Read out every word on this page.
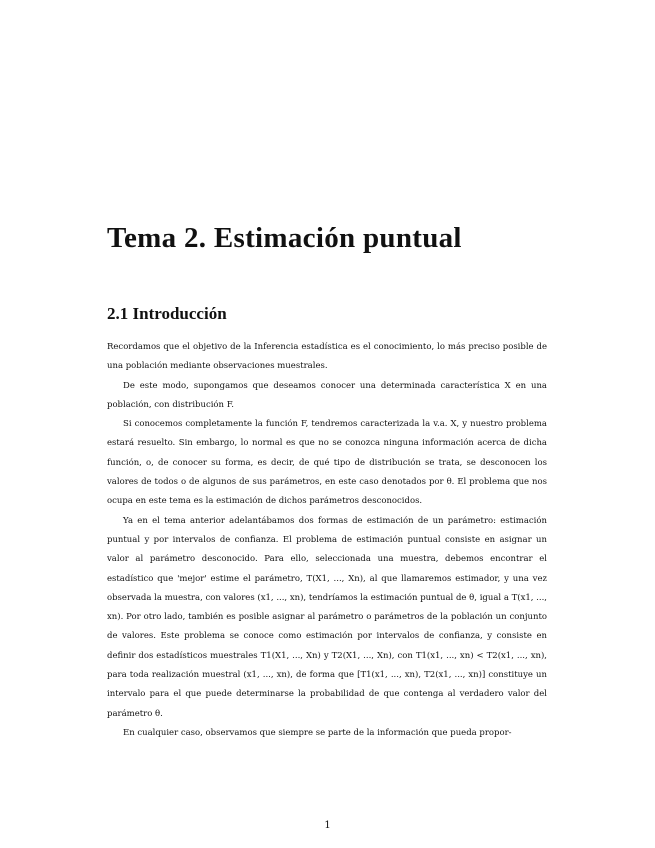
Tema 2. Estimación puntual
2.1 Introducción

Recordamos que el objetivo de la Inferencia estadística es el conocimiento, lo más preciso posible de una población mediante observaciones muestrales.

De este modo, supongamos que deseamos conocer una determinada característica X en una población, con distribución F.

Si conocemos completamente la función F, tendremos caracterizada la v.a. X, y nuestro problema estará resuelto. Sin embargo, lo normal es que no se conozca ninguna información acerca de dicha función, o, de conocer su forma, es decir, de qué tipo de distribución se trata, se desconocen los valores de todos o de algunos de sus parámetros, en este caso denotados por θ. El problema que nos ocupa en este tema es la estimación de dichos parámetros desconocidos.

Ya en el tema anterior adelantábamos dos formas de estimación de un parámetro: estimación puntual y por intervalos de confianza. El problema de estimación puntual consiste en asignar un valor al parámetro desconocido. Para ello, seleccionada una muestra, debemos encontrar el estadístico que 'mejor' estime el parámetro, T(X1, ..., Xn), al que llamaremos estimador, y una vez observada la muestra, con valores (x1, ..., xn), tendríamos la estimación puntual de θ, igual a T(x1, ..., xn). Por otro lado, también es posible asignar al parámetro o parámetros de la población un conjunto de valores. Este problema se conoce como estimación por intervalos de confianza, y consiste en definir dos estadísticos muestrales T1(X1, ..., Xn) y T2(X1, ..., Xn), con T1(x1, ..., xn) < T2(x1, ..., xn), para toda realización muestral (x1, ..., xn), de forma que [T1(x1, ..., xn), T2(x1, ..., xn)] constituye un intervalo para el que puede determinarse la probabilidad de que contenga al verdadero valor del parámetro θ.

En cualquier caso, observamos que siempre se parte de la información que pueda propor-

1
